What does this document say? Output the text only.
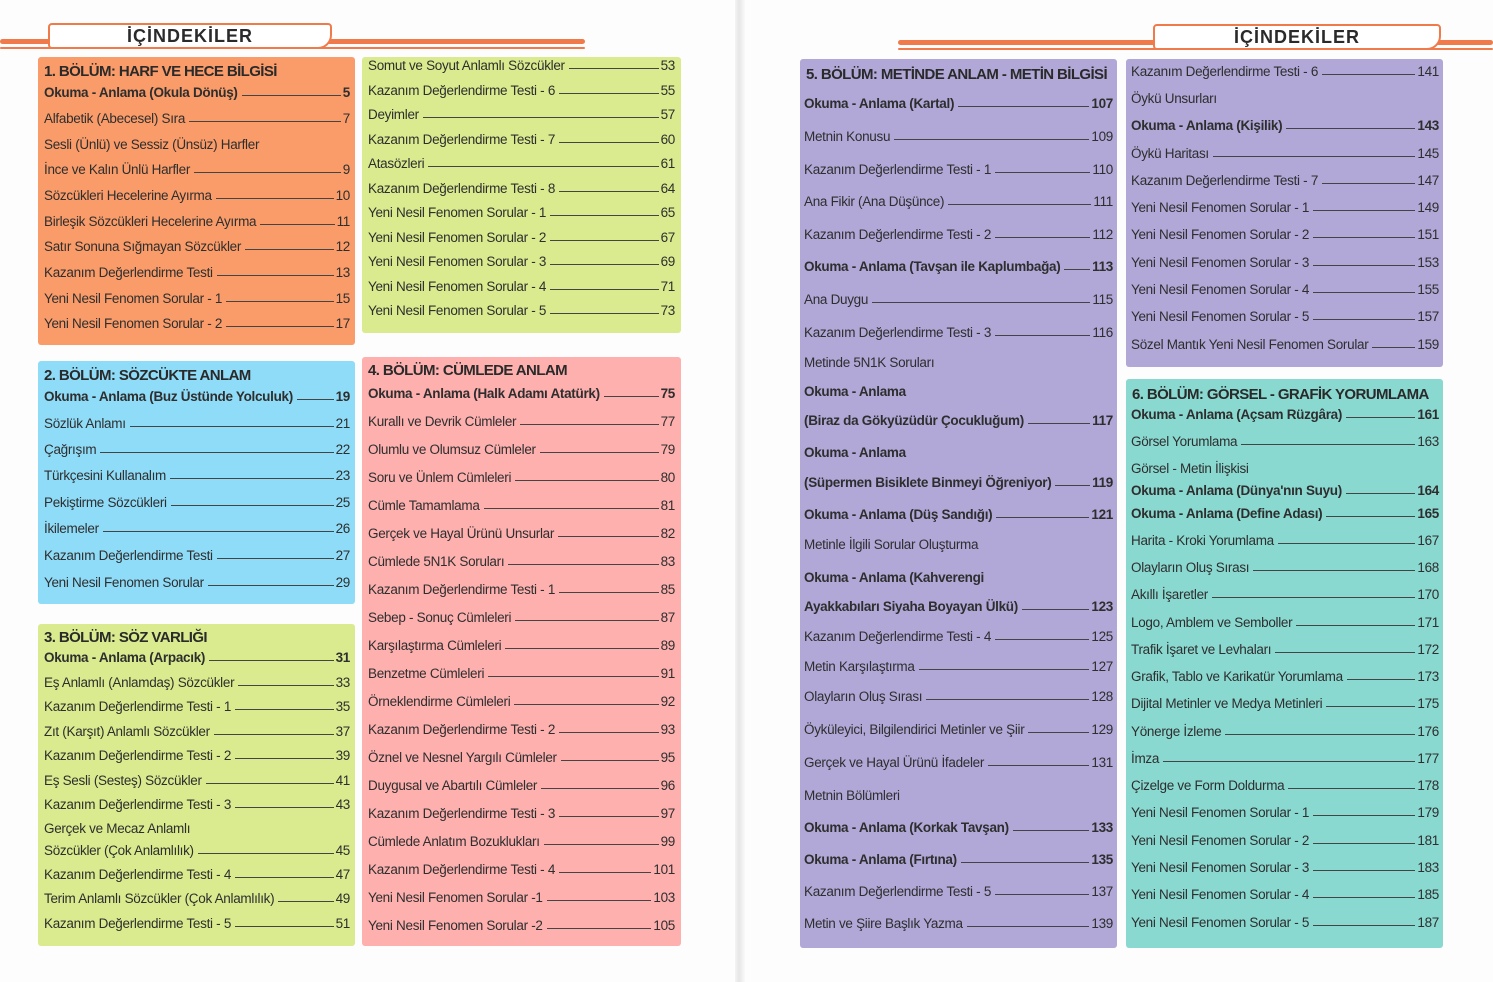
İÇİNDEKİLER	İÇİNDEKİLER
1. BÖLÜM: HARF VE HECE BİLGİSİ
2. BÖLÜM: SÖZCÜKTE ANLAM
3. BÖLÜM: SÖZ VARLIĞI
4. BÖLÜM: CÜMLEDE ANLAM
5. BÖLÜM: METİNDE ANLAM - METİN BİLGİSİ
6. BÖLÜM: GÖRSEL - GRAFİK YORUMLAMA
Okuma - Anlama (Okula Dönüş)	5
Alfabetik (Abecesel) Sıra	7
Sesli (Ünlü) ve Sessiz (Ünsüz) Harfler
İnce ve Kalın Ünlü Harfler	9
Sözcükleri Hecelerine Ayırma	10
Birleşik Sözcükleri Hecelerine Ayırma	11
Satır Sonuna Sığmayan Sözcükler	12
Kazanım Değerlendirme Testi	13
Yeni Nesil Fenomen Sorular - 1	15
Yeni Nesil Fenomen Sorular - 2	17
Okuma - Anlama (Buz Üstünde Yolculuk)	19
Sözlük Anlamı	21
Çağrışım	22
Türkçesini Kullanalım	23
Pekiştirme Sözcükleri	25
İkilemeler	26
Kazanım Değerlendirme Testi	27
Yeni Nesil Fenomen Sorular	29
Okuma - Anlama (Arpacık)	31
Eş Anlamlı (Anlamdaş) Sözcükler	33
Kazanım Değerlendirme Testi - 1	35
Zıt (Karşıt) Anlamlı Sözcükler	37
Kazanım Değerlendirme Testi - 2	39
Eş Sesli (Sesteş) Sözcükler	41
Kazanım Değerlendirme Testi - 3	43
Gerçek ve Mecaz Anlamlı
Sözcükler (Çok Anlamlılık)	45
Kazanım Değerlendirme Testi - 4	47
Terim Anlamlı Sözcükler (Çok Anlamlılık)	49
Kazanım Değerlendirme Testi - 5	51
Somut ve Soyut Anlamlı Sözcükler	53
Kazanım Değerlendirme Testi - 6	55
Deyimler	57
Kazanım Değerlendirme Testi - 7	60
Atasözleri	61
Kazanım Değerlendirme Testi - 8	64
Yeni Nesil Fenomen Sorular - 1	65
Yeni Nesil Fenomen Sorular - 2	67
Yeni Nesil Fenomen Sorular - 3	69
Yeni Nesil Fenomen Sorular - 4	71
Yeni Nesil Fenomen Sorular - 5	73
Okuma - Anlama (Halk Adamı Atatürk)	75
Kurallı ve Devrik Cümleler	77
Olumlu ve Olumsuz Cümleler	79
Soru ve Ünlem Cümleleri	80
Cümle Tamamlama	81
Gerçek ve Hayal Ürünü Unsurlar	82
Cümlede 5N1K Soruları	83
Kazanım Değerlendirme Testi - 1	85
Sebep - Sonuç Cümleleri	87
Karşılaştırma Cümleleri	89
Benzetme Cümleleri	91
Örneklendirme Cümleleri	92
Kazanım Değerlendirme Testi - 2	93
Öznel ve Nesnel Yargılı Cümleler	95
Duygusal ve Abartılı Cümleler	96
Kazanım Değerlendirme Testi - 3	97
Cümlede Anlatım Bozuklukları	99
Kazanım Değerlendirme Testi - 4	101
Yeni Nesil Fenomen Sorular -1	103
Yeni Nesil Fenomen Sorular -2	105
Okuma - Anlama (Kartal)	107
Metnin Konusu	109
Kazanım Değerlendirme Testi - 1	110
Ana Fikir (Ana Düşünce)	111
Kazanım Değerlendirme Testi - 2	112
Okuma - Anlama (Tavşan ile Kaplumbağa) 113
Ana Duygu	115
Kazanım Değerlendirme Testi - 3	116
Metinde 5N1K Soruları
Okuma - Anlama
(Biraz da Gökyüzüdür Çocukluğum)	117
Okuma - Anlama
(Süpermen Bisiklete Binmeyi Öğreniyor)	119
Okuma - Anlama (Düş Sandığı)	121
Metinle İlgili Sorular Oluşturma
Okuma - Anlama (Kahverengi
Ayakkabıları Siyaha Boyayan Ülkü)	123
Kazanım Değerlendirme Testi - 4	125
Metin Karşılaştırma	127
Olayların Oluş Sırası	128
Öyküleyici, Bilgilendirici Metinler ve Şiir	129
Gerçek ve Hayal Ürünü İfadeler	131
Metnin Bölümleri
Okuma - Anlama (Korkak Tavşan)	133
Okuma - Anlama (Fırtına)	135
Kazanım Değerlendirme Testi - 5	137
Metin ve Şiire Başlık Yazma	139
Kazanım Değerlendirme Testi - 6	141
Öykü Unsurları
Okuma - Anlama (Kişilik)	143
Öykü Haritası	145
Kazanım Değerlendirme Testi - 7	147
Yeni Nesil Fenomen Sorular - 1	149
Yeni Nesil Fenomen Sorular - 2	151
Yeni Nesil Fenomen Sorular - 3	153
Yeni Nesil Fenomen Sorular - 4	155
Yeni Nesil Fenomen Sorular - 5	157
Sözel Mantık Yeni Nesil Fenomen Sorular	159
Okuma - Anlama (Açsam Rüzgâra)	161
Görsel Yorumlama	163
Görsel - Metin İlişkisi
Okuma - Anlama (Dünya'nın Suyu)	164
Okuma - Anlama (Define Adası)	165
Harita - Kroki Yorumlama	167
Olayların Oluş Sırası	168
Akıllı İşaretler	170
Logo, Amblem ve Semboller	171
Trafik İşaret ve Levhaları	172
Grafik, Tablo ve Karikatür Yorumlama	173
Dijital Metinler ve Medya Metinleri	175
Yönerge İzleme	176
İmza	177
Çizelge ve Form Doldurma	178
Yeni Nesil Fenomen Sorular - 1	179
Yeni Nesil Fenomen Sorular - 2	181
Yeni Nesil Fenomen Sorular - 3	183
Yeni Nesil Fenomen Sorular - 4	185
Yeni Nesil Fenomen Sorular - 5	187
